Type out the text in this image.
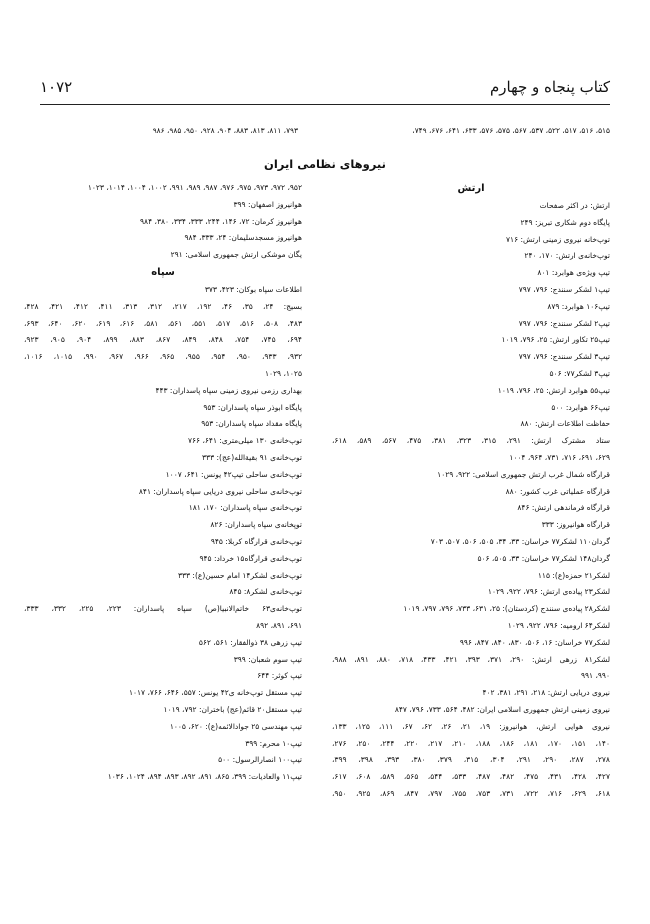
کتاب پنجاه و چهارم
۱۰۷۲
۵۱۵، ۵۱۶، ۵۱۷، ۵۲۲، ۵۳۷، ۵۶۷، ۵۷۵، ۵۷۶، ۶۳۳، ۶۴۱، ۶۷۶، ۷۴۹،
۷۹۳، ۸۱۱، ۸۱۳، ۸۸۳، ۹۰۴، ۹۲۸، ۹۵۰، ۹۸۵، ۹۸۶
نیروهای نظامی ایران
ارتش
ارتش: در اکثر صفحات
پایگاه دوم شکاری تبریز: ۲۴۹
توپ‌خانه نیروی زمینی ارتش: ۷۱۶
توپ‌خانه‌ی ارتش: ۱۷۰، ۲۴۰
تیپ ویژه‌ی هوابرد: ۸۰۱
تیپ۱ لشکر سنندج: ۷۹۶، ۷۹۷
تیپ۱۰۶ هوابرد: ۸۷۹
تیپ۲ لشکر سنندج: ۷۹۶، ۷۹۷
تیپ۲۵ تکاور ارتش: ۲۵، ۷۹۶، ۱۰۱۹
تیپ۳ لشکر سنندج: ۷۹۶، ۷۹۷
تیپ۳ لشکر۷۷: ۵۰۶
تیپ۵۵ هوابرد ارتش: ۲۵، ۷۹۶، ۱۰۱۹
تیپ۶۶ هوابرد: ۵۰۰
حفاظت اطلاعات ارتش: ۸۸۰
ستاد مشترک ارتش: ۲۹۱، ۳۱۵، ۳۲۳، ۳۸۱، ۴۷۵، ۵۶۷، ۵۸۹، ۶۱۸،
۶۲۹، ۶۹۱، ۷۱۶، ۷۳۱، ۹۶۴، ۱۰۰۴
قرارگاه شمال غرب ارتش جمهوری اسلامی: ۹۲۲، ۱۰۲۹
قرارگاه عملیاتی غرب کشور: ۸۸۰
قرارگاه فرماندهی ارتش: ۸۴۶
قرارگاه هوانیروز: ۳۳۳
گردان۱۱۰ لشکر۷۷ خراسان: ۳۳، ۳۴، ۵۰۵، ۵۰۶، ۵۰۷، ۷۰۳
گردان۱۴۸ لشکر۷۷ خراسان: ۳۳، ۵۰۵، ۵۰۶
لشکر۲۱ حمزه‌(ع): ۱۱۵
لشکر۲۳ پیاده‌ی ارتش: ۷۹۶، ۹۲۲، ۱۰۲۹
لشکر۲۸ پیاده‌ی سنندج (کردستان): ۲۵، ۶۳۱، ۷۳۳، ۷۹۶، ۷۹۷، ۱۰۱۹
لشکر۶۴ ارومیه: ۷۹۶، ۹۲۲، ۱۰۲۹
لشکر۷۷ خراسان: ۱۶، ۵۰۶، ۸۳۰، ۸۴۰، ۸۴۷، ۹۹۶
لشکر۸۱ زرهی ارتش: ۲۹۰، ۳۷۱، ۳۹۳، ۴۲۱، ۴۳۳، ۷۱۸، ۸۸۰، ۸۹۱، ۹۸۸،
۹۹۰، ۹۹۱
نیروی دریایی ارتش: ۲۱۸، ۲۹۱، ۳۸۱، ۴۰۲
نیروی زمینی ارتش جمهوری اسلامی ایران: ۴۸۲، ۵۶۴، ۷۳۳، ۷۹۶، ۸۴۷
نیروی هوایی ارتش، هوانیروز: ۱۹، ۲۱، ۲۶، ۶۲، ۶۷، ۱۱۱، ۱۲۵، ۱۳۳،
۱۴۰، ۱۵۱، ۱۷۰، ۱۸۱، ۱۸۶، ۱۸۸، ۲۱۰، ۲۱۷، ۲۲۰، ۲۴۴، ۲۵۰، ۲۷۶،
۲۷۸، ۲۸۷، ۲۹۰، ۲۹۱، ۳۰۴، ۳۱۵، ۳۷۹، ۳۸۰، ۳۹۳، ۳۹۸، ۳۹۹،
۴۲۷، ۴۲۸، ۴۳۱، ۴۷۵، ۴۸۲، ۴۸۷، ۵۳۳، ۵۴۴، ۵۶۵، ۵۸۹، ۶۰۸، ۶۱۷،
۶۱۸، ۶۲۹، ۷۱۶، ۷۲۲، ۷۳۱، ۷۵۳، ۷۵۵، ۷۹۷، ۸۴۷، ۸۶۹، ۹۲۵، ۹۵۰،
۹۵۲، ۹۷۲، ۹۷۳، ۹۷۵، ۹۷۶، ۹۸۷، ۹۸۹، ۹۹۱، ۱۰۰۲، ۱۰۰۴، ۱۰۱۴، ۱۰۲۳
هوانیروز اصفهان: ۳۹۹
هوانیروز کرمان: ۷۲، ۱۴۶، ۲۴۴، ۳۳۳، ۳۳۴، ۳۸۰، ۹۸۴
هوانیروز مسجدسلیمان: ۲۴، ۳۳۳، ۹۸۴
یگان موشکی ارتش جمهوری اسلامی: ۲۹۱
سپاه
اطلاعات سپاه بوکان: ۴۲۳، ۳۷۳
بسیج: ۲۴، ۳۵، ۴۶، ۱۹۲، ۲۱۷، ۳۱۲، ۳۱۳، ۴۱۱، ۴۱۲، ۴۲۱، ۴۲۸،
۴۸۳، ۵۰۸، ۵۱۶، ۵۱۷، ۵۵۱، ۵۶۱، ۵۸۱، ۶۱۶، ۶۱۹، ۶۲۰، ۶۴۰، ۶۹۳،
۶۹۴، ۷۴۵، ۷۵۴، ۸۴۸، ۸۴۹، ۸۶۷، ۸۸۳، ۸۹۹، ۹۰۴، ۹۰۵، ۹۲۳،
۹۳۲، ۹۳۳، ۹۵۰، ۹۵۴، ۹۵۵، ۹۶۵، ۹۶۶، ۹۶۷، ۹۹۰، ۱۰۱۵، ۱۰۱۶،
۱۰۲۵، ۱۰۲۹
بهداری رزمی نیروی زمینی سپاه پاسداران: ۴۴۳
پایگاه ابوذر سپاه پاسداران: ۹۵۳
پایگاه مقداد سپاه پاسداران: ۹۵۳
توپ‌خانه‌ی ۱۳۰ میلی‌متری: ۶۴۱، ۷۶۶
توپ‌خانه‌ی ۹۱ بقیةالله(عج): ۳۳۳
توپ‌خانه‌ی ساحلی تیپ۴۲ یونس: ۶۴۱، ۱۰۰۷
توپ‌خانه‌ی ساحلی نیروی دریایی سپاه پاسداران: ۸۴۱
توپ‌خانه‌ی سپاه پاسداران: ۱۷۰، ۱۸۱
توپخانه‌ی سپاه پاسداران: ۸۲۶
توپ‌خانه‌ی قرارگاه کربلا: ۹۴۵
توپ‌خانه‌ی قرارگاه۱۵ خرداد: ۹۴۵
توپ‌خانه‌ی لشکر۱۴ امام حسین(ع): ۳۳۳
توپ‌خانه‌ی لشکر۸: ۸۴۵
توپ‌خانه‌ی۶۳ خاتم‌الانبیا(ص) سپاه پاسداران: ۲۲۳، ۲۲۵، ۳۳۲، ۳۳۳،
۶۹۱، ۸۹۱، ۸۹۲
تیپ زرهی ۳۸ ذوالفقار: ۵۶۱، ۵۶۲
تیپ سوم شعبان: ۳۹۹
تیپ کوثر: ۶۴۴
تیپ مستقل توپ‌خانه ی۴۲ یونس: ۵۵۷، ۶۴۶، ۷۶۶، ۱۰۱۷
تیپ مستقل۲۰ قائم(عج) باختران: ۷۹۲، ۱۰۱۹
تیپ مهندسی ۲۵ جوادالائمه(ع): ۶۲۰، ۱۰۰۵
تیپ۱۰ محرم: ۳۹۹
تیپ۱۰۰ انصارالرسول: ۵۰۰
تیپ۱۱ والعادیات: ۳۹۹، ۸۶۵، ۸۹۱، ۸۹۲، ۸۹۳، ۸۹۴، ۱۰۲۴، ۱۰۳۶
